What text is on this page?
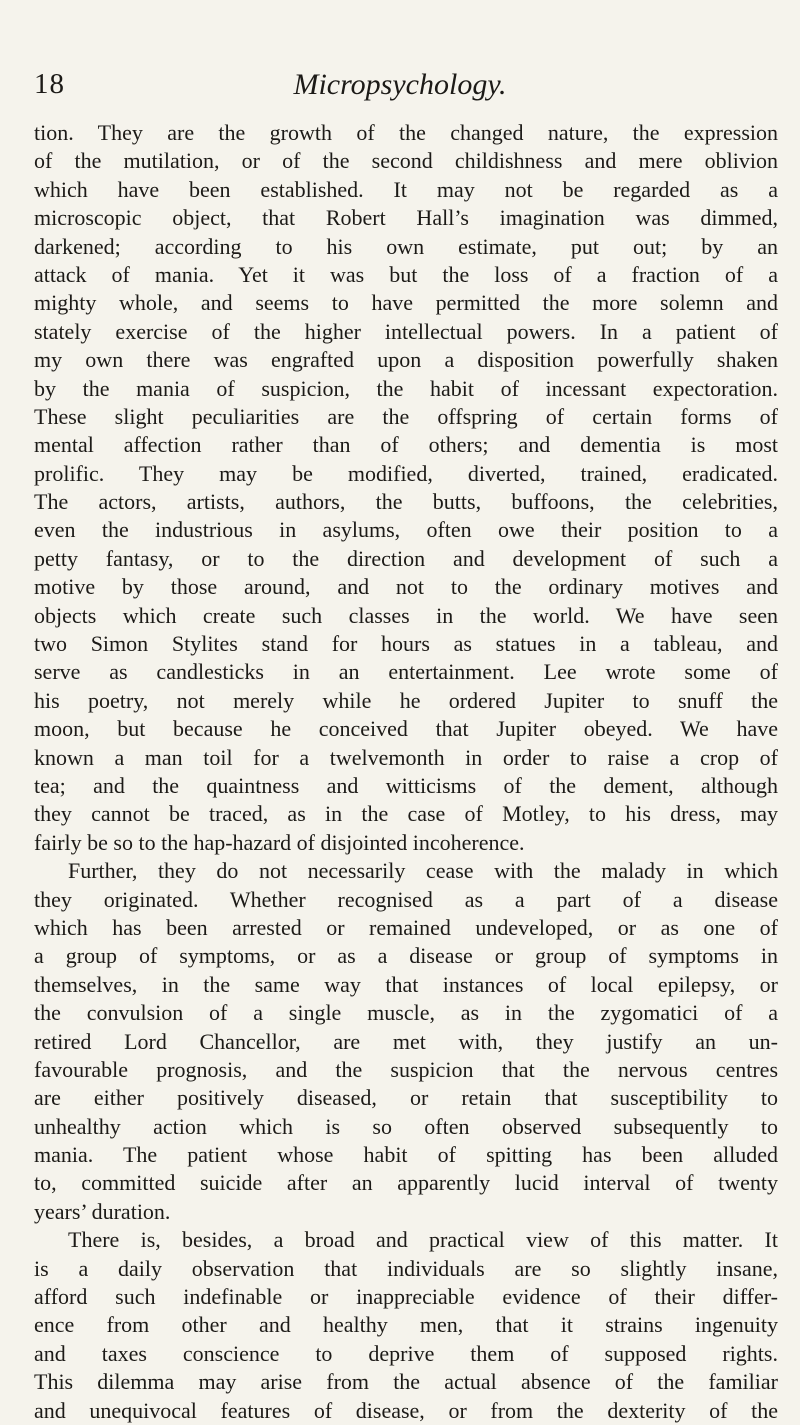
18	Micropsychology.
tion. They are the growth of the changed nature, the expression
of the mutilation, or of the second childishness and mere oblivion
which have been established. It may not be regarded as a
microscopic object, that Robert Hall’s imagination was dimmed,
darkened; according to his own estimate, put out; by an
attack of mania. Yet it was but the loss of a fraction of a
mighty whole, and seems to have permitted the more solemn and
stately exercise of the higher intellectual powers. In a patient of
my own there was engrafted upon a disposition powerfully shaken
by the mania of suspicion, the habit of incessant expectoration.
These slight peculiarities are the offspring of certain forms of
mental affection rather than of others; and dementia is most
prolific. They may be modified, diverted, trained, eradicated.
The actors, artists, authors, the butts, buffoons, the celebrities,
even the industrious in asylums, often owe their position to a
petty fantasy, or to the direction and development of such a
motive by those around, and not to the ordinary motives and
objects which create such classes in the world. We have seen
two Simon Stylites stand for hours as statues in a tableau, and
serve as candlesticks in an entertainment. Lee wrote some of
his poetry, not merely while he ordered Jupiter to snuff the
moon, but because he conceived that Jupiter obeyed. We have
known a man toil for a twelvemonth in order to raise a crop of
tea; and the quaintness and witticisms of the dement, although
they cannot be traced, as in the case of Motley, to his dress, may
fairly be so to the hap-hazard of disjointed incoherence.
Further, they do not necessarily cease with the malady in which
they originated. Whether recognised as a part of a disease
which has been arrested or remained undeveloped, or as one of
a group of symptoms, or as a disease or group of symptoms in
themselves, in the same way that instances of local epilepsy, or
the convulsion of a single muscle, as in the zygomatici of a
retired Lord Chancellor, are met with, they justify an un-
favourable prognosis, and the suspicion that the nervous centres
are either positively diseased, or retain that susceptibility to
unhealthy action which is so often observed subsequently to
mania. The patient whose habit of spitting has been alluded
to, committed suicide after an apparently lucid interval of twenty
years’ duration.
There is, besides, a broad and practical view of this matter. It
is a daily observation that individuals are so slightly insane,
afford such indefinable or inappreciable evidence of their differ-
ence from other and healthy men, that it strains ingenuity
and taxes conscience to deprive them of supposed rights.
This dilemma may arise from the actual absence of the familiar
and unequivocal features of disease, or from the dexterity of the
